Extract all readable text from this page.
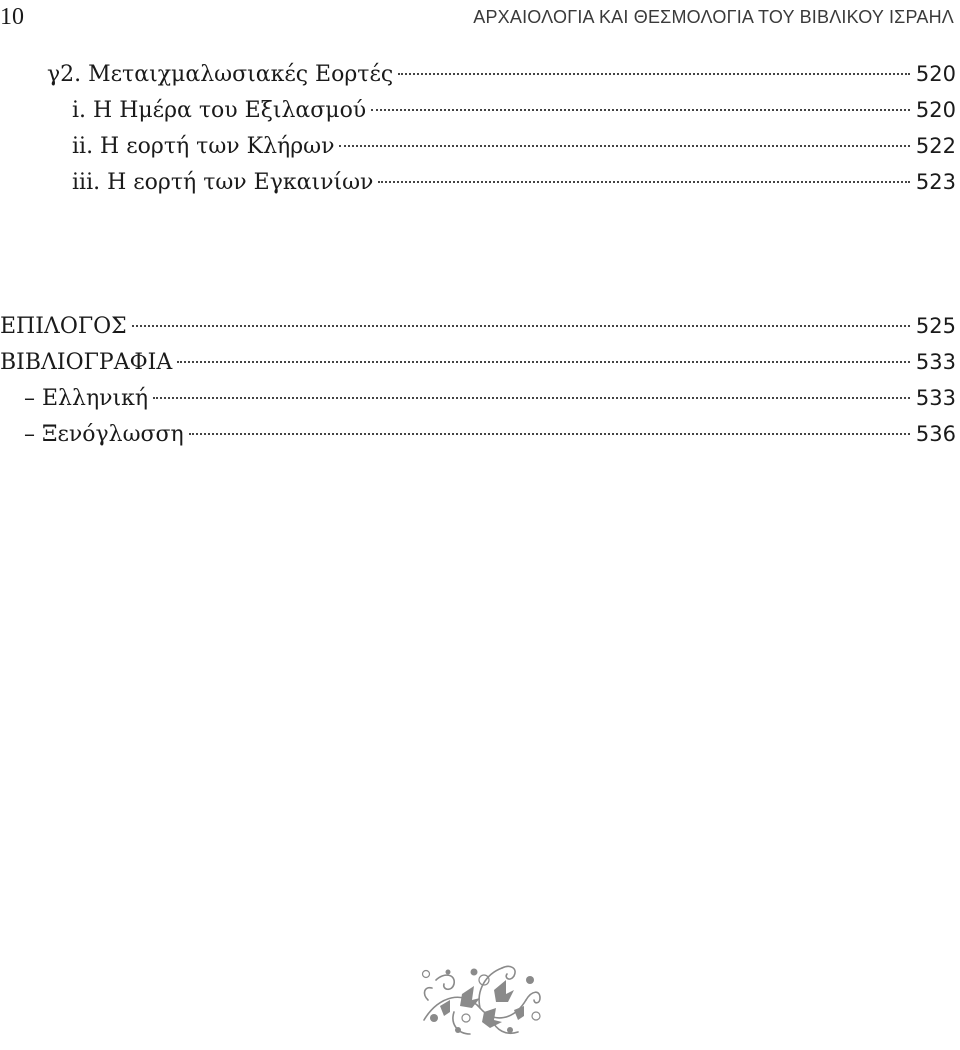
10	ΑΡΧΑΙΟΛΟΓΙΑ ΚΑΙ ΘΕΣΜΟΛΟΓΙΑ ΤΟΥ ΒΙΒΛΙΚΟΥ ΙΣΡΑΗΛ
γ2. Μεταιχμαλωσιακές Εορτές	520
i. Η Ημέρα του Εξιλασμού	520
ii. Η εορτή των Κλήρων	522
iii. Η εορτή των Εγκαινίων	523
ΕΠΙΛΟΓΟΣ	525
ΒΙΒΛΙΟΓΡΑΦΙΑ	533
– Ελληνική	533
– Ξενόγλωσση	536
